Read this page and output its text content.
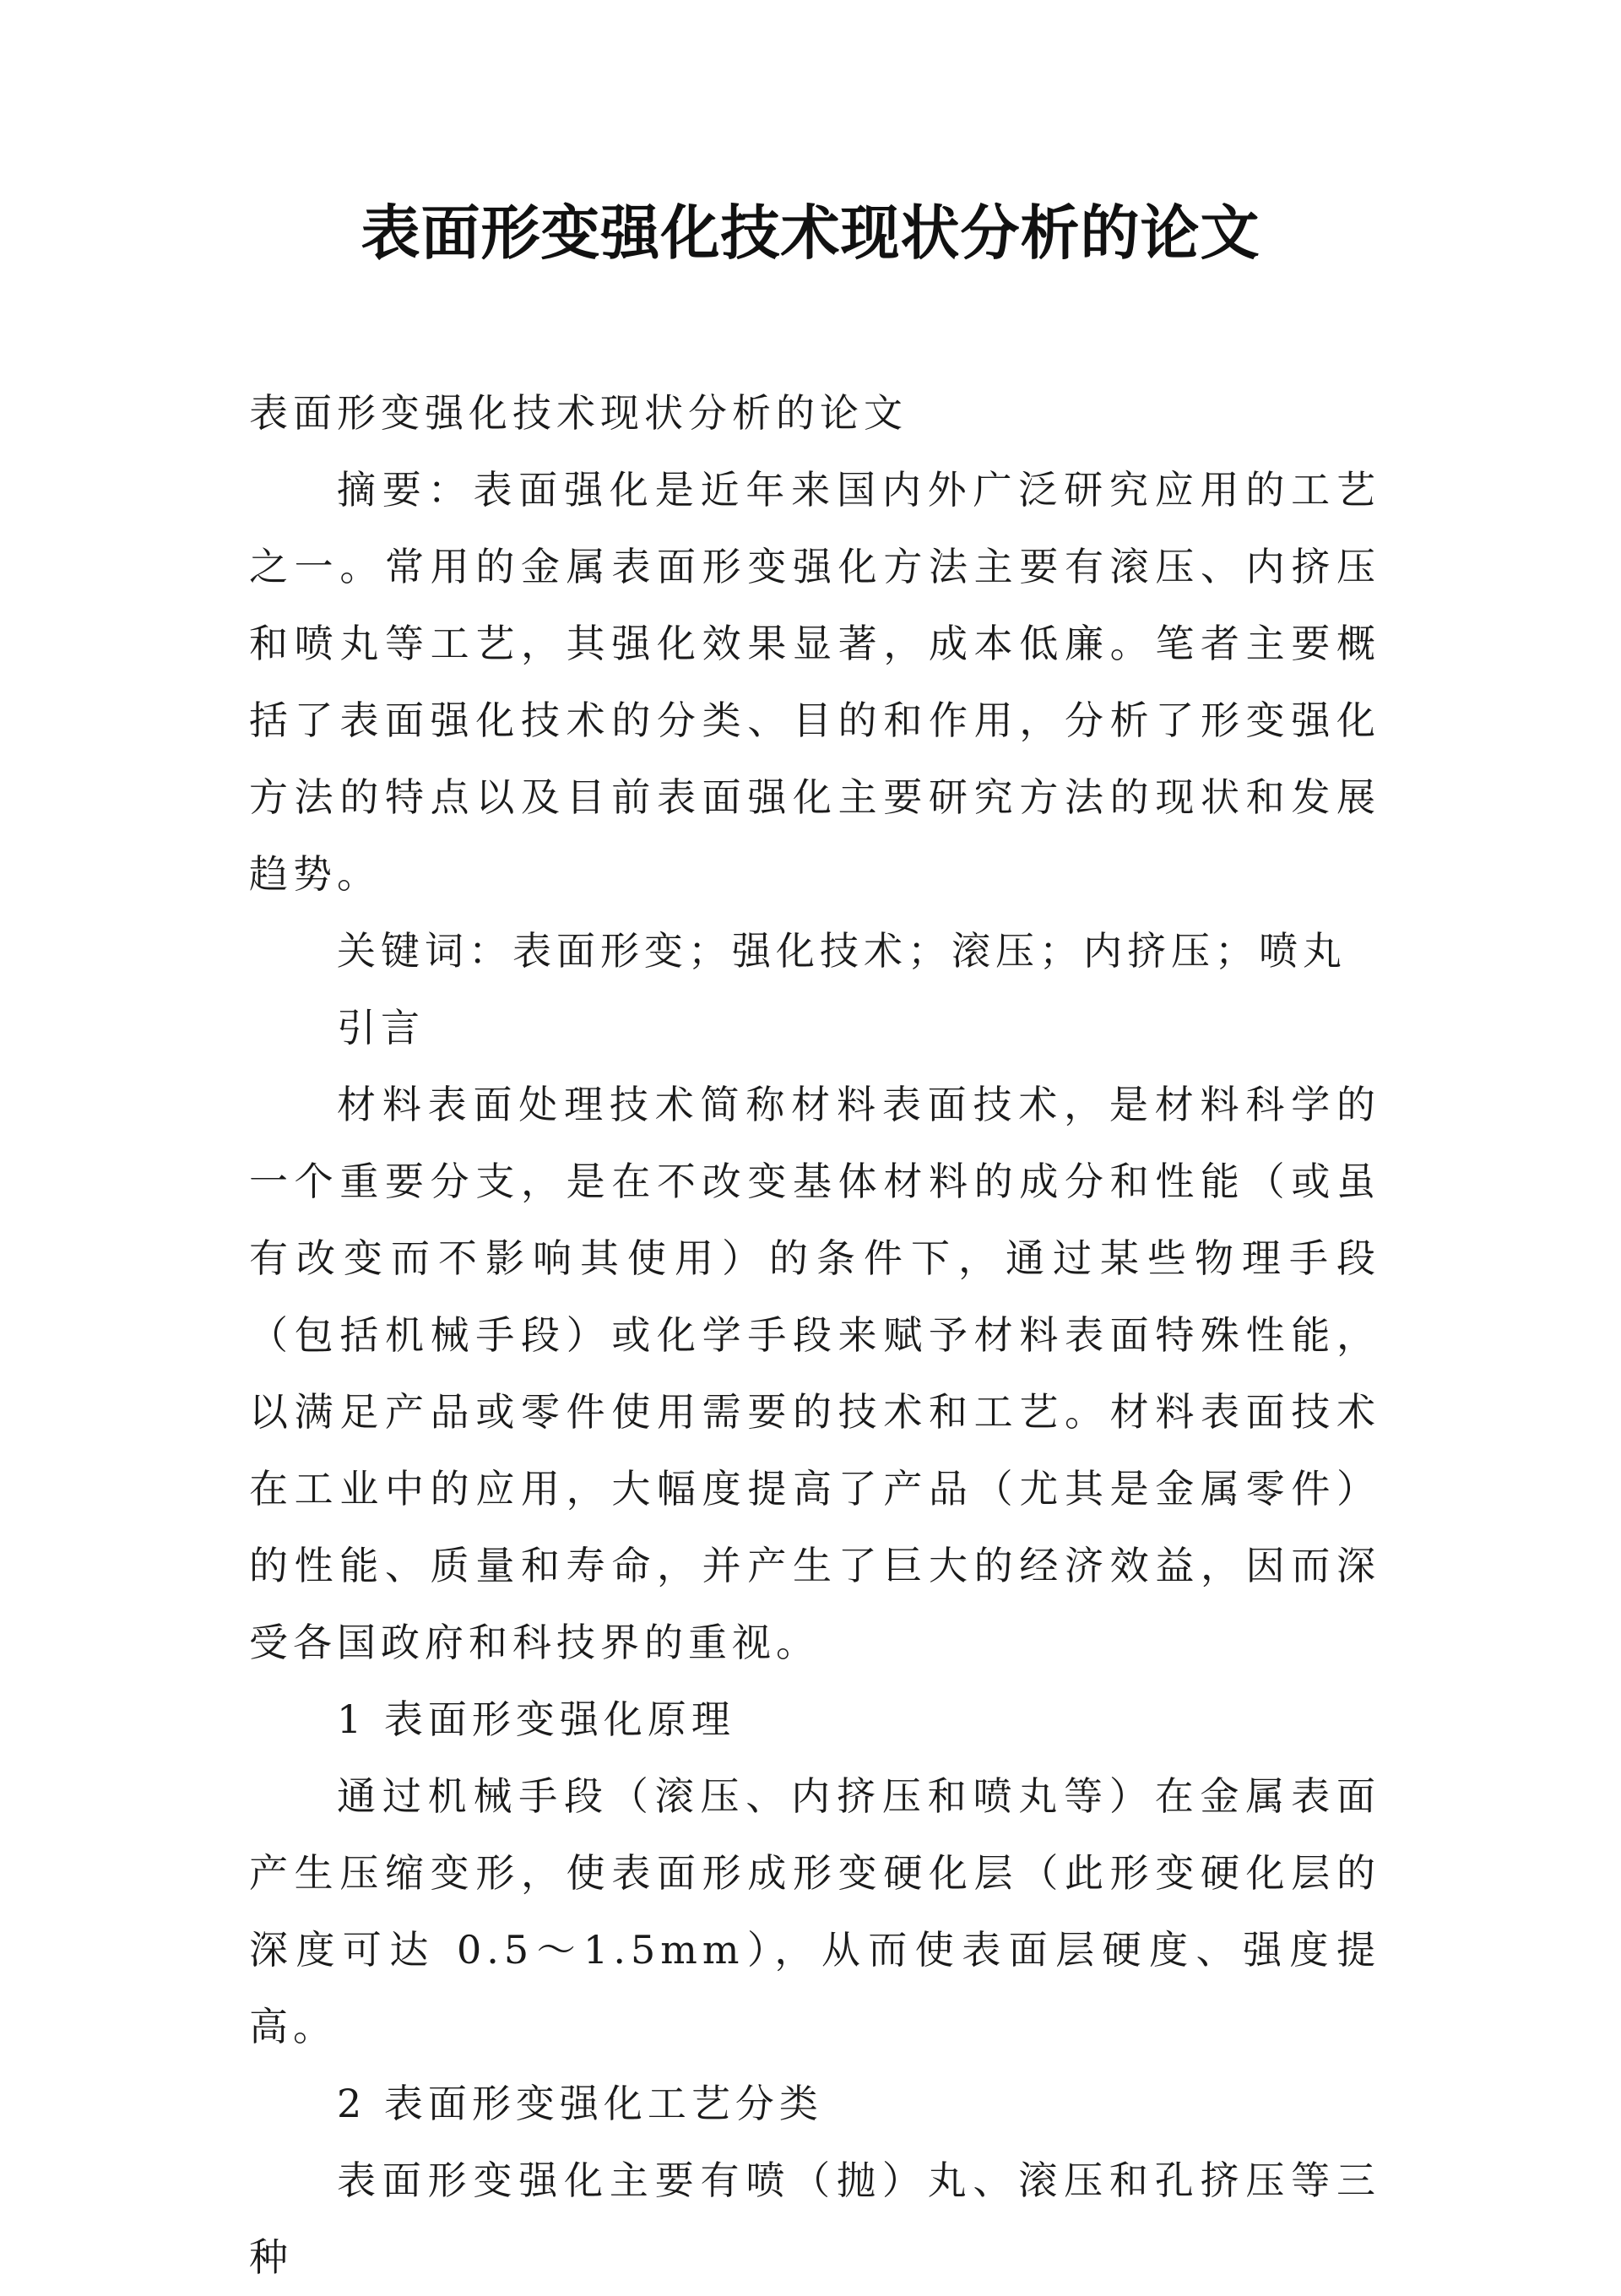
表面形变强化技术现状分析的论文

表面形变强化技术现状分析的论文

摘要：表面强化是近年来国内外广泛研究应用的工艺之一。常用的金属表面形变强化方法主要有滚压、内挤压和喷丸等工艺，其强化效果显著，成本低廉。笔者主要概括了表面强化技术的分类、目的和作用，分析了形变强化方法的特点以及目前表面强化主要研究方法的现状和发展趋势。

关键词：表面形变；强化技术；滚压；内挤压；喷丸

引言

材料表面处理技术简称材料表面技术，是材料科学的一个重要分支，是在不改变基体材料的成分和性能（或虽有改变而不影响其使用）的条件下，通过某些物理手段（包括机械手段）或化学手段来赋予材料表面特殊性能，以满足产品或零件使用需要的技术和工艺。材料表面技术在工业中的应用，大幅度提高了产品（尤其是金属零件）的性能、质量和寿命，并产生了巨大的经济效益，因而深受各国政府和科技界的重视。

1 表面形变强化原理

通过机械手段（滚压、内挤压和喷丸等）在金属表面产生压缩变形，使表面形成形变硬化层（此形变硬化层的深度可达 0.5～1.5mm），从而使表面层硬度、强度提高。

2 表面形变强化工艺分类

表面形变强化主要有喷（抛）丸、滚压和孔挤压等三种
